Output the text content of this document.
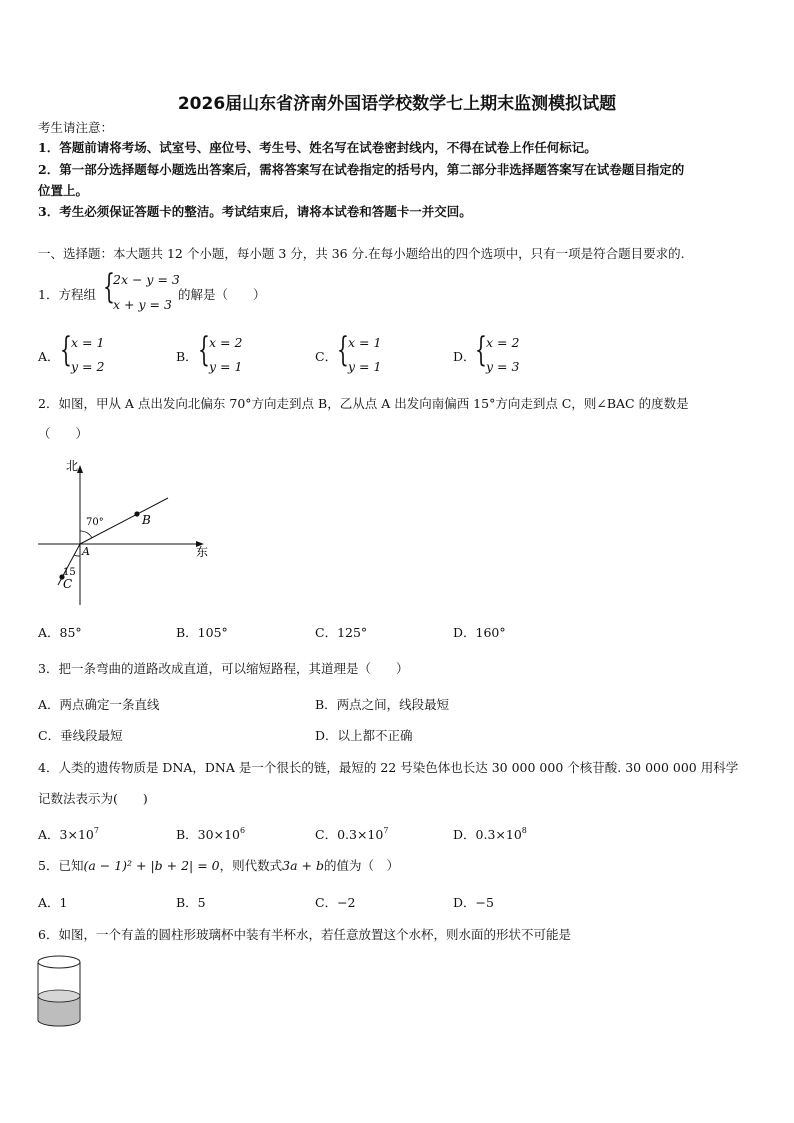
2026届山东省济南外国语学校数学七上期末监测模拟试题
考生请注意：
1．答题前请将考场、试室号、座位号、考生号、姓名写在试卷密封线内，不得在试卷上作任何标记。
2．第一部分选择题每小题选出答案后，需将答案写在试卷指定的括号内，第二部分非选择题答案写在试卷题目指定的
位置上。
3．考生必须保证答题卡的整洁。考试结束后，请将本试卷和答题卡一并交回。
一、选择题：本大题共 12 个小题，每小题 3 分，共 36 分.在每小题给出的四个选项中，只有一项是符合题目要求的.
1．方程组 {
2x − y = 3
x + y = 3
的解是（　　）
A． { x = 1
y = 2
B． { x = 2
y = 1
C． { x = 1
y = 1
D． { x = 2
y = 3
2．如图，甲从 A 点出发向北偏东 70°方向走到点 B，乙从点 A 出发向南偏西 15°方向走到点 C，则∠BAC 的度数是
（　　）
北
东
70°
15
A
B
C
A．85°	B．105°	C．125°	D．160°
3．把一条弯曲的道路改成直道，可以缩短路程，其道理是（　　）
A．两点确定一条直线	B．两点之间，线段最短
C．垂线段最短	D．以上都不正确
4．人类的遗传物质是 DNA，DNA 是一个很长的链，最短的 22 号染色体也长达 30 000 000 个核苷酸. 30 000 000 用科学
记数法表示为(　　)
A．$3\times 10^7$	B．$30\times 10^6$	C．$0.3\times 10^7$	D．$0.3\times 10^8$
5．已知(a − 1)² + |b + 2| = 0，则代数式3a + b的值为（　）
A．1	B．5	C．−2	D．−5
6．如图，一个有盖的圆柱形玻璃杯中装有半杯水，若任意放置这个水杯，则水面的形状不可能是
